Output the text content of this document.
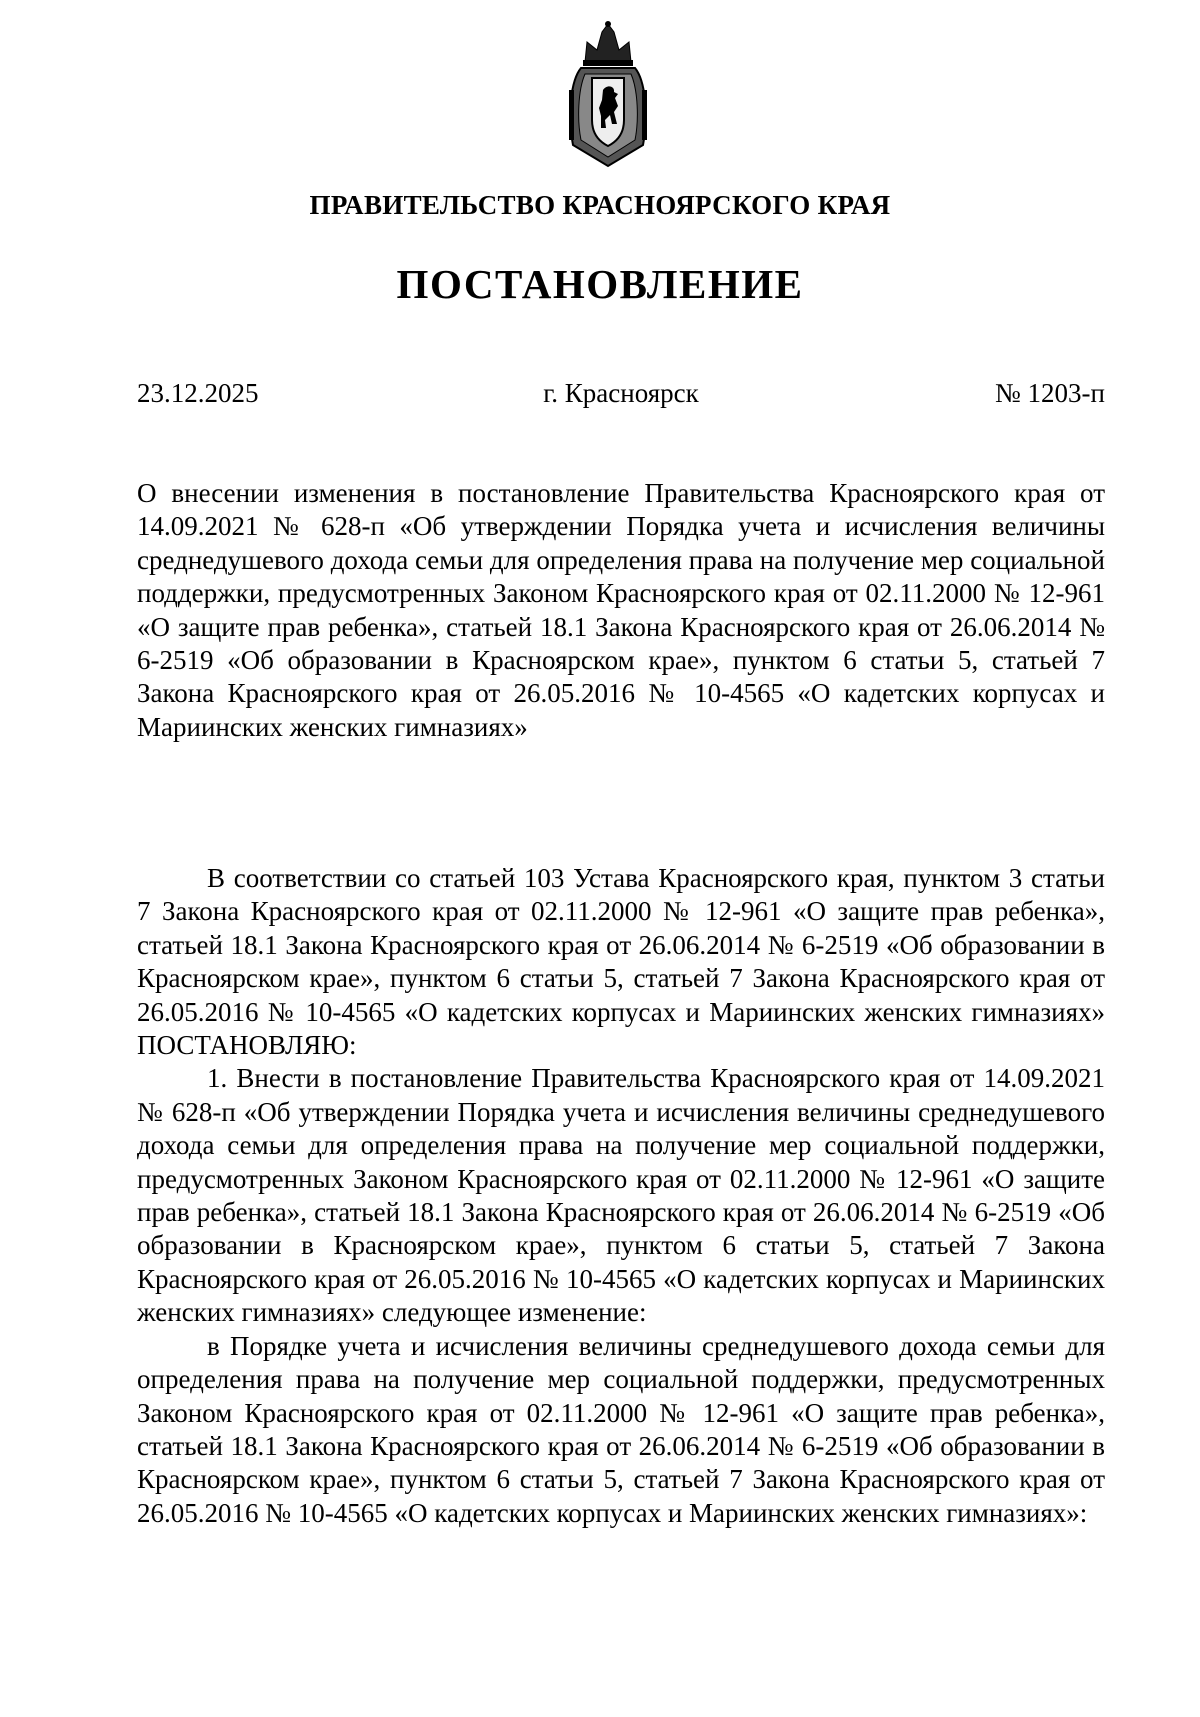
ПРАВИТЕЛЬСТВО КРАСНОЯРСКОГО КРАЯ
ПОСТАНОВЛЕНИЕ
23.12.2025	г. Красноярск	№ 1203-п
О внесении изменения в постановление Правительства Красноярского края от 14.09.2021 № 628-п «Об утверждении Порядка учета и исчисления величины среднедушевого дохода семьи для определения права на получение мер социальной поддержки, предусмотренных Законом Красноярского края от 02.11.2000 № 12-961 «О защите прав ребенка», статьей 18.1 Закона Красноярского края от 26.06.2014 № 6-2519 «Об образовании в Красноярском крае», пунктом 6 статьи 5, статьей 7 Закона Красноярского края от 26.05.2016 № 10-4565 «О кадетских корпусах и Мариинских женских гимназиях»

В соответствии со статьей 103 Устава Красноярского края, пунктом 3 статьи 7 Закона Красноярского края от 02.11.2000 № 12-961 «О защите прав ребенка», статьей 18.1 Закона Красноярского края от 26.06.2014 № 6-2519 «Об образовании в Красноярском крае», пунктом 6 статьи 5, статьей 7 Закона Красноярского края от 26.05.2016 № 10-4565 «О кадетских корпусах и Мариинских женских гимназиях» ПОСТАНОВЛЯЮ:

1. Внести в постановление Правительства Красноярского края от 14.09.2021 № 628-п «Об утверждении Порядка учета и исчисления величины среднедушевого дохода семьи для определения права на получение мер социальной поддержки, предусмотренных Законом Красноярского края от 02.11.2000 № 12-961 «О защите прав ребенка», статьей 18.1 Закона Красноярского края от 26.06.2014 № 6-2519 «Об образовании в Красноярском крае», пунктом 6 статьи 5, статьей 7 Закона Красноярского края от 26.05.2016 № 10-4565 «О кадетских корпусах и Мариинских женских гимназиях» следующее изменение:

в Порядке учета и исчисления величины среднедушевого дохода семьи для определения права на получение мер социальной поддержки, предусмотренных Законом Красноярского края от 02.11.2000 № 12-961 «О защите прав ребенка», статьей 18.1 Закона Красноярского края от 26.06.2014 № 6-2519 «Об образовании в Красноярском крае», пунктом 6 статьи 5, статьей 7 Закона Красноярского края от 26.05.2016 № 10-4565 «О кадетских корпусах и Мариинских женских гимназиях»:
